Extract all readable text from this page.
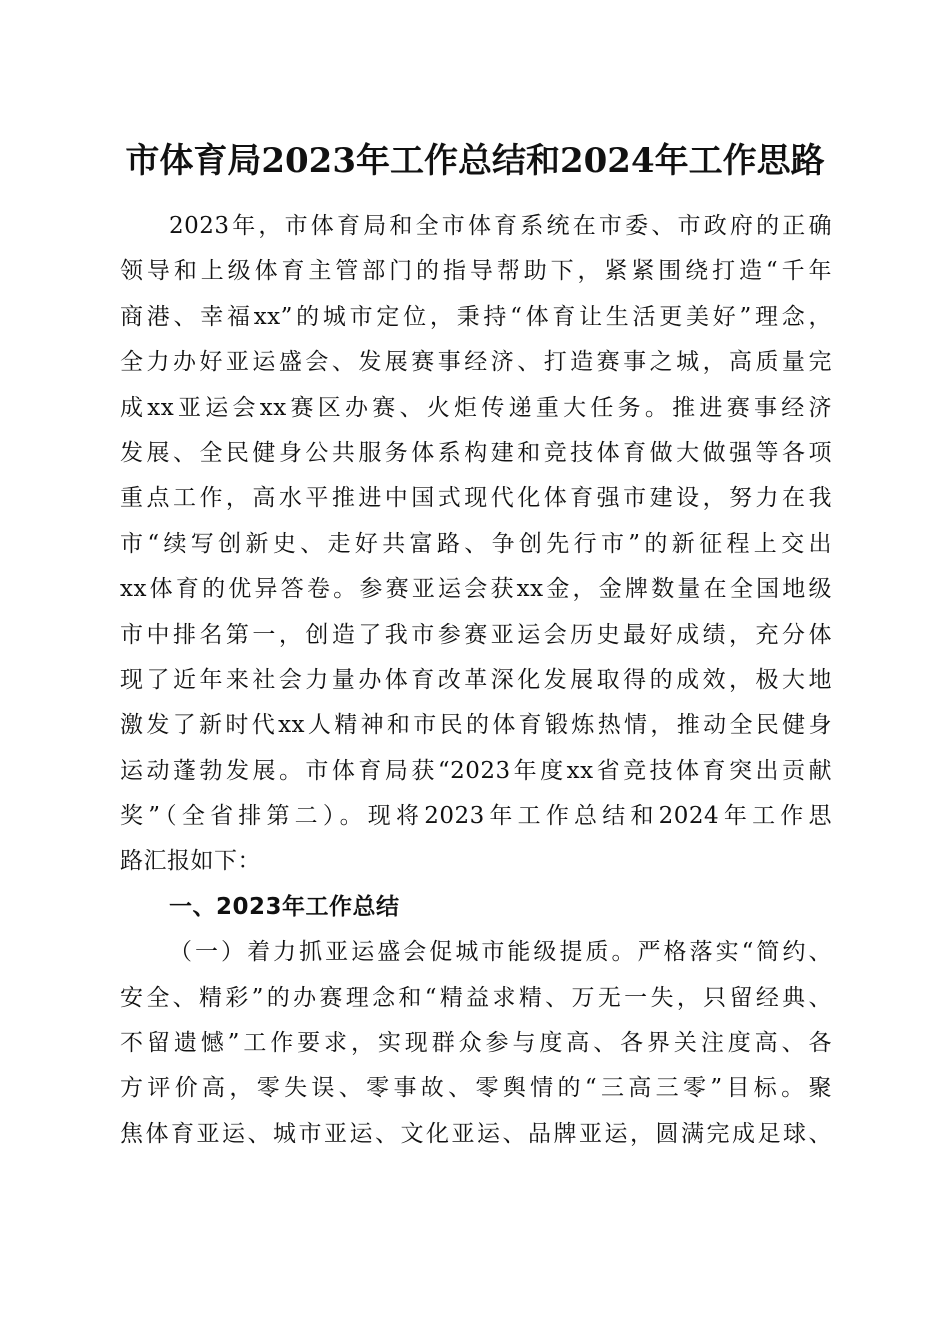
市体育局2023年工作总结和2024年工作思路
2023年，市体育局和全市体育系统在市委、市政府的正确
领导和上级体育主管部门的指导帮助下，紧紧围绕打造“千年
商港、幸福xx”的城市定位，秉持“体育让生活更美好”理念，
全力办好亚运盛会、发展赛事经济、打造赛事之城，高质量完
成xx亚运会xx赛区办赛、火炬传递重大任务。推进赛事经济
发展、全民健身公共服务体系构建和竞技体育做大做强等各项
重点工作，高水平推进中国式现代化体育强市建设，努力在我
市“续写创新史、走好共富路、争创先行市”的新征程上交出
xx体育的优异答卷。参赛亚运会获xx金，金牌数量在全国地级
市中排名第一，创造了我市参赛亚运会历史最好成绩，充分体
现了近年来社会力量办体育改革深化发展取得的成效，极大地
激发了新时代xx人精神和市民的体育锻炼热情，推动全民健身
运动蓬勃发展。市体育局获“2023年度xx省竞技体育突出贡献
奖”（全省排第二）。现将2023年工作总结和2024年工作思
路汇报如下：
一、2023年工作总结
（一）着力抓亚运盛会促城市能级提质。严格落实“简约、
安全、精彩”的办赛理念和“精益求精、万无一失，只留经典、
不留遗憾”工作要求，实现群众参与度高、各界关注度高、各
方评价高，零失误、零事故、零舆情的“三高三零”目标。聚
焦体育亚运、城市亚运、文化亚运、品牌亚运，圆满完成足球、
